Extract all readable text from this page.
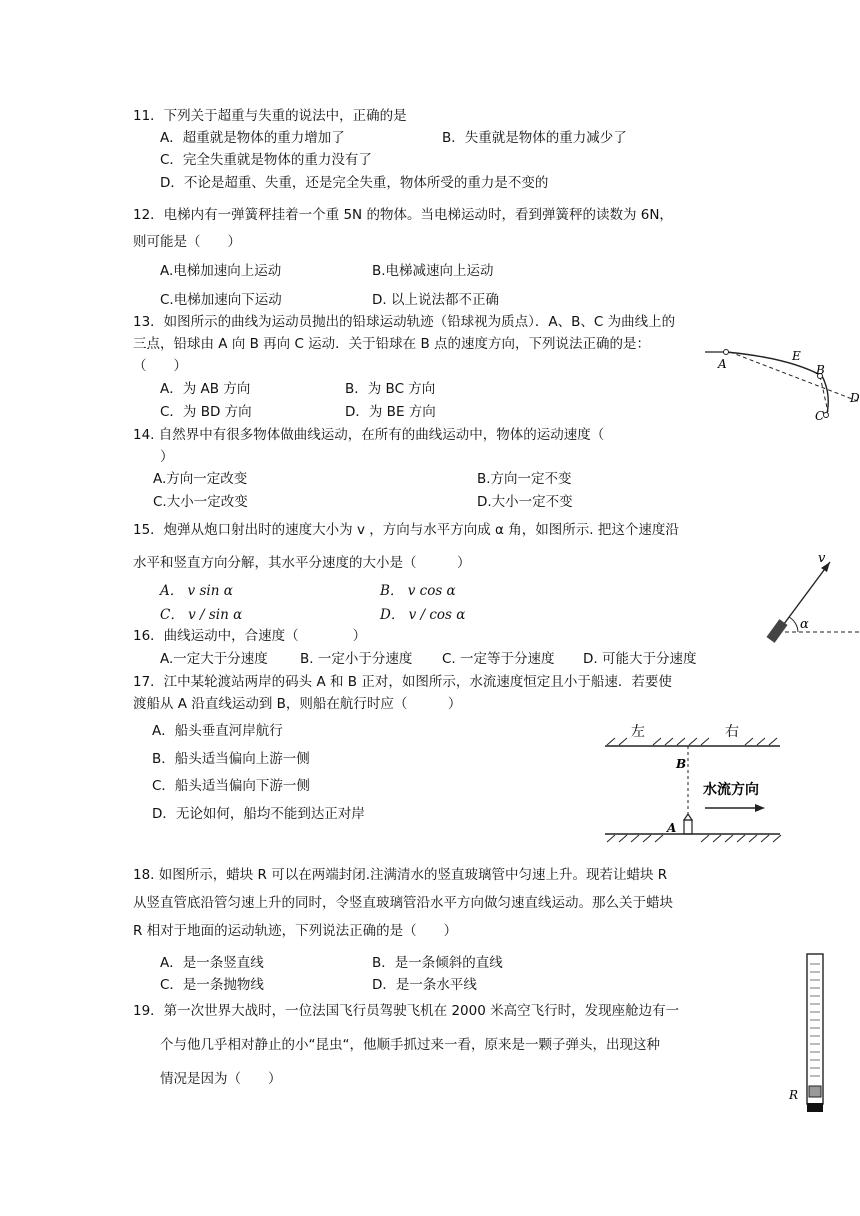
11．下列关于超重与失重的说法中，正确的是
A．超重就是物体的重力增加了	B．失重就是物体的重力减少了
C．完全失重就是物体的重力没有了
D．不论是超重、失重，还是完全失重，物体所受的重力是不变的
12．电梯内有一弹簧秤挂着一个重 5N 的物体。当电梯运动时，看到弹簧秤的读数为 6N，
则可能是（　　）
A.电梯加速向上运动	B.电梯减速向上运动
C.电梯加速向下运动	D. 以上说法都不正确
13．如图所示的曲线为运动员抛出的铅球运动轨迹（铅球视为质点）．A、B、C 为曲线上的
三点，铅球由 A 向 B 再向 C 运动．关于铅球在 B 点的速度方向，下列说法正确的是：
（　　）
A．为 AB 方向	B．为 BC 方向
C．为 BD 方向	D．为 BE 方向
A
E
B
C
D
14. 自然界中有很多物体做曲线运动，在所有的曲线运动中，物体的运动速度（
）
A.方向一定改变	B.方向一定不变
C.大小一定改变	D.大小一定不变
15．炮弹从炮口射出时的速度大小为 v ，方向与水平方向成 α 角，如图所示. 把这个速度沿
水平和竖直方向分解，其水平分速度的大小是（　　　）
A． v sin α	B． v cos α
C． v / sin α	D． v / cos α
v
α
16．曲线运动中，合速度（　　　　）
A.一定大于分速度 B. 一定小于分速度 C. 一定等于分速度 D. 可能大于分速度
17．江中某轮渡站两岸的码头 A 和 B 正对，如图所示，水流速度恒定且小于船速．若要使
渡船从 A 沿直线运动到 B，则船在航行时应（　　　）
A．船头垂直河岸航行
B．船头适当偏向上游一侧
C．船头适当偏向下游一侧
D．无论如何，船均不能到达正对岸
左	右
B
水流方向
A
18. 如图所示，蜡块 R 可以在两端封闭.注满清水的竖直玻璃管中匀速上升。现若让蜡块 R
从竖直管底沿管匀速上升的同时，令竖直玻璃管沿水平方向做匀速直线运动。那么关于蜡块
R 相对于地面的运动轨迹，下列说法正确的是（　　）
A．是一条竖直线	B．是一条倾斜的直线
C．是一条抛物线	D．是一条水平线
R
19．第一次世界大战时，一位法国飞行员驾驶飞机在 2000 米高空飞行时，发现座舱边有一
个与他几乎相对静止的小“昆虫“，他顺手抓过来一看，原来是一颗子弹头，出现这种
情况是因为（　　）
